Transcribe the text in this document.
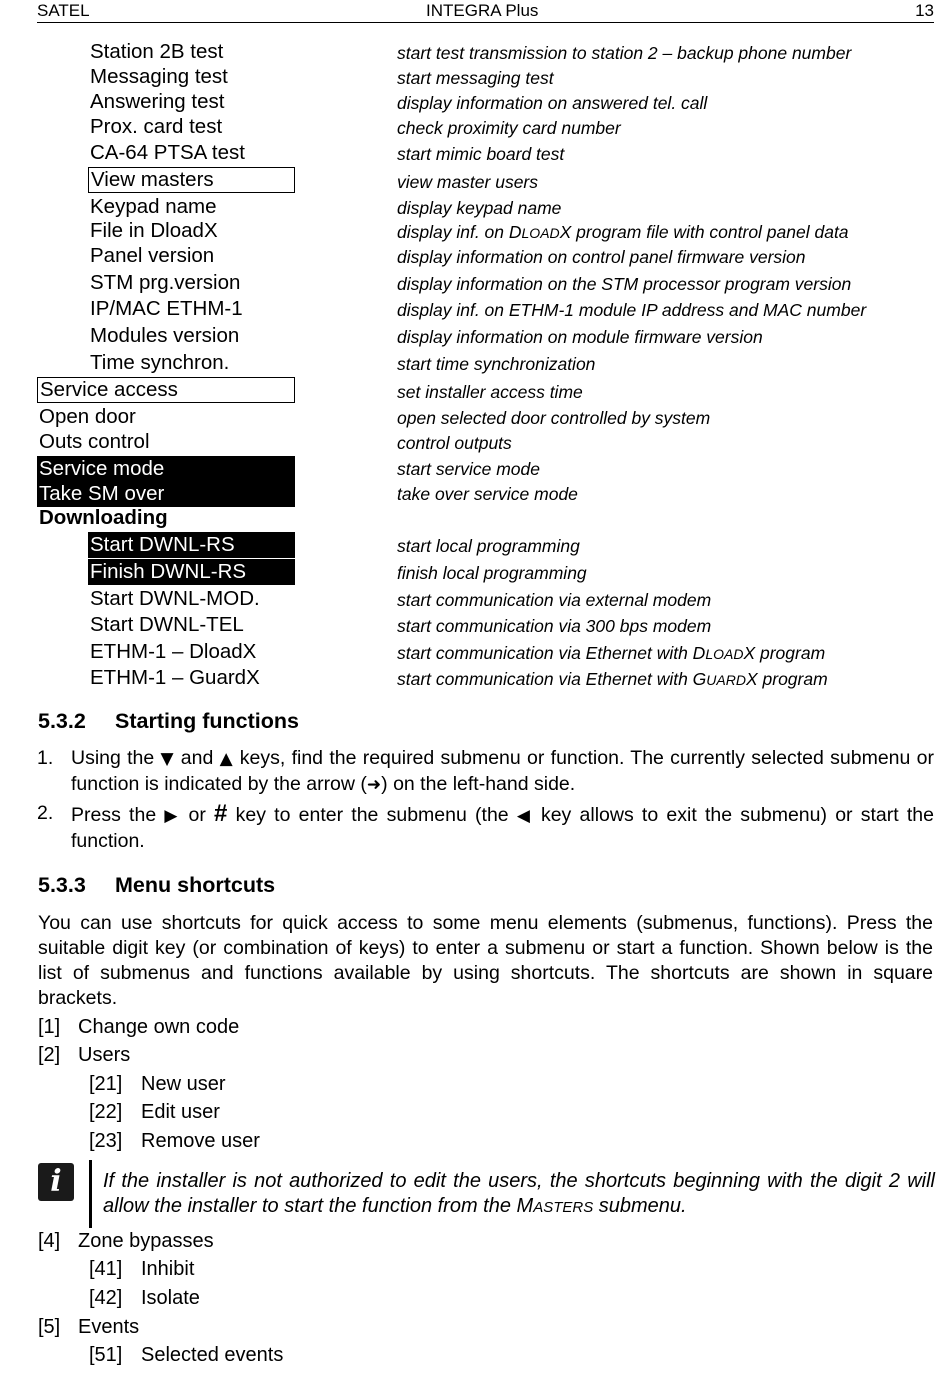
SATEL	INTEGRA Plus	13
Station 2B test	start test transmission to station 2 – backup phone number
Messaging test	start messaging test
Answering test	display information on answered tel. call
Prox. card test	check proximity card number
CA-64 PTSA test	start mimic board test
View masters	view master users
Keypad name	display keypad name
File in DloadX	display inf. on DLOADX program file with control panel data
Panel version	display information on control panel firmware version
STM prg.version	display information on the STM processor program version
IP/MAC ETHM-1	display inf. on ETHM-1 module IP address and MAC number
Modules version	display information on module firmware version
Time synchron.	start time synchronization
Service access	set installer access time
Open door	open selected door controlled by system
Outs control	control outputs
Service mode	start service mode
Take SM over	take over service mode
Downloading
Start DWNL-RS	start local programming
Finish DWNL-RS	finish local programming
Start DWNL-MOD.	start communication via external modem
Start DWNL-TEL	start communication via 300 bps modem
ETHM-1 – DloadX	start communication via Ethernet with DLOADX program
ETHM-1 – GuardX	start communication via Ethernet with GUARDX program
5.3.2 Starting functions
1. Using the ▼ and ▲ keys, find the required submenu or function. The currently selected submenu or function is indicated by the arrow (➜) on the left-hand side.
2. Press the ▶ or # key to enter the submenu (the ◀ key allows to exit the submenu) or start the function.
5.3.3 Menu shortcuts
You can use shortcuts for quick access to some menu elements (submenus, functions). Press the suitable digit key (or combination of keys) to enter a submenu or start a function. Shown below is the list of submenus and functions available by using shortcuts. The shortcuts are shown in square brackets.
[1] Change own code
[2] Users
[21] New user
[22] Edit user
[23] Remove user
i	If the installer is not authorized to edit the users, the shortcuts beginning with the digit 2 will allow the installer to start the function from the MASTERS submenu.
[4] Zone bypasses
[41] Inhibit
[42] Isolate
[5] Events
[51] Selected events
